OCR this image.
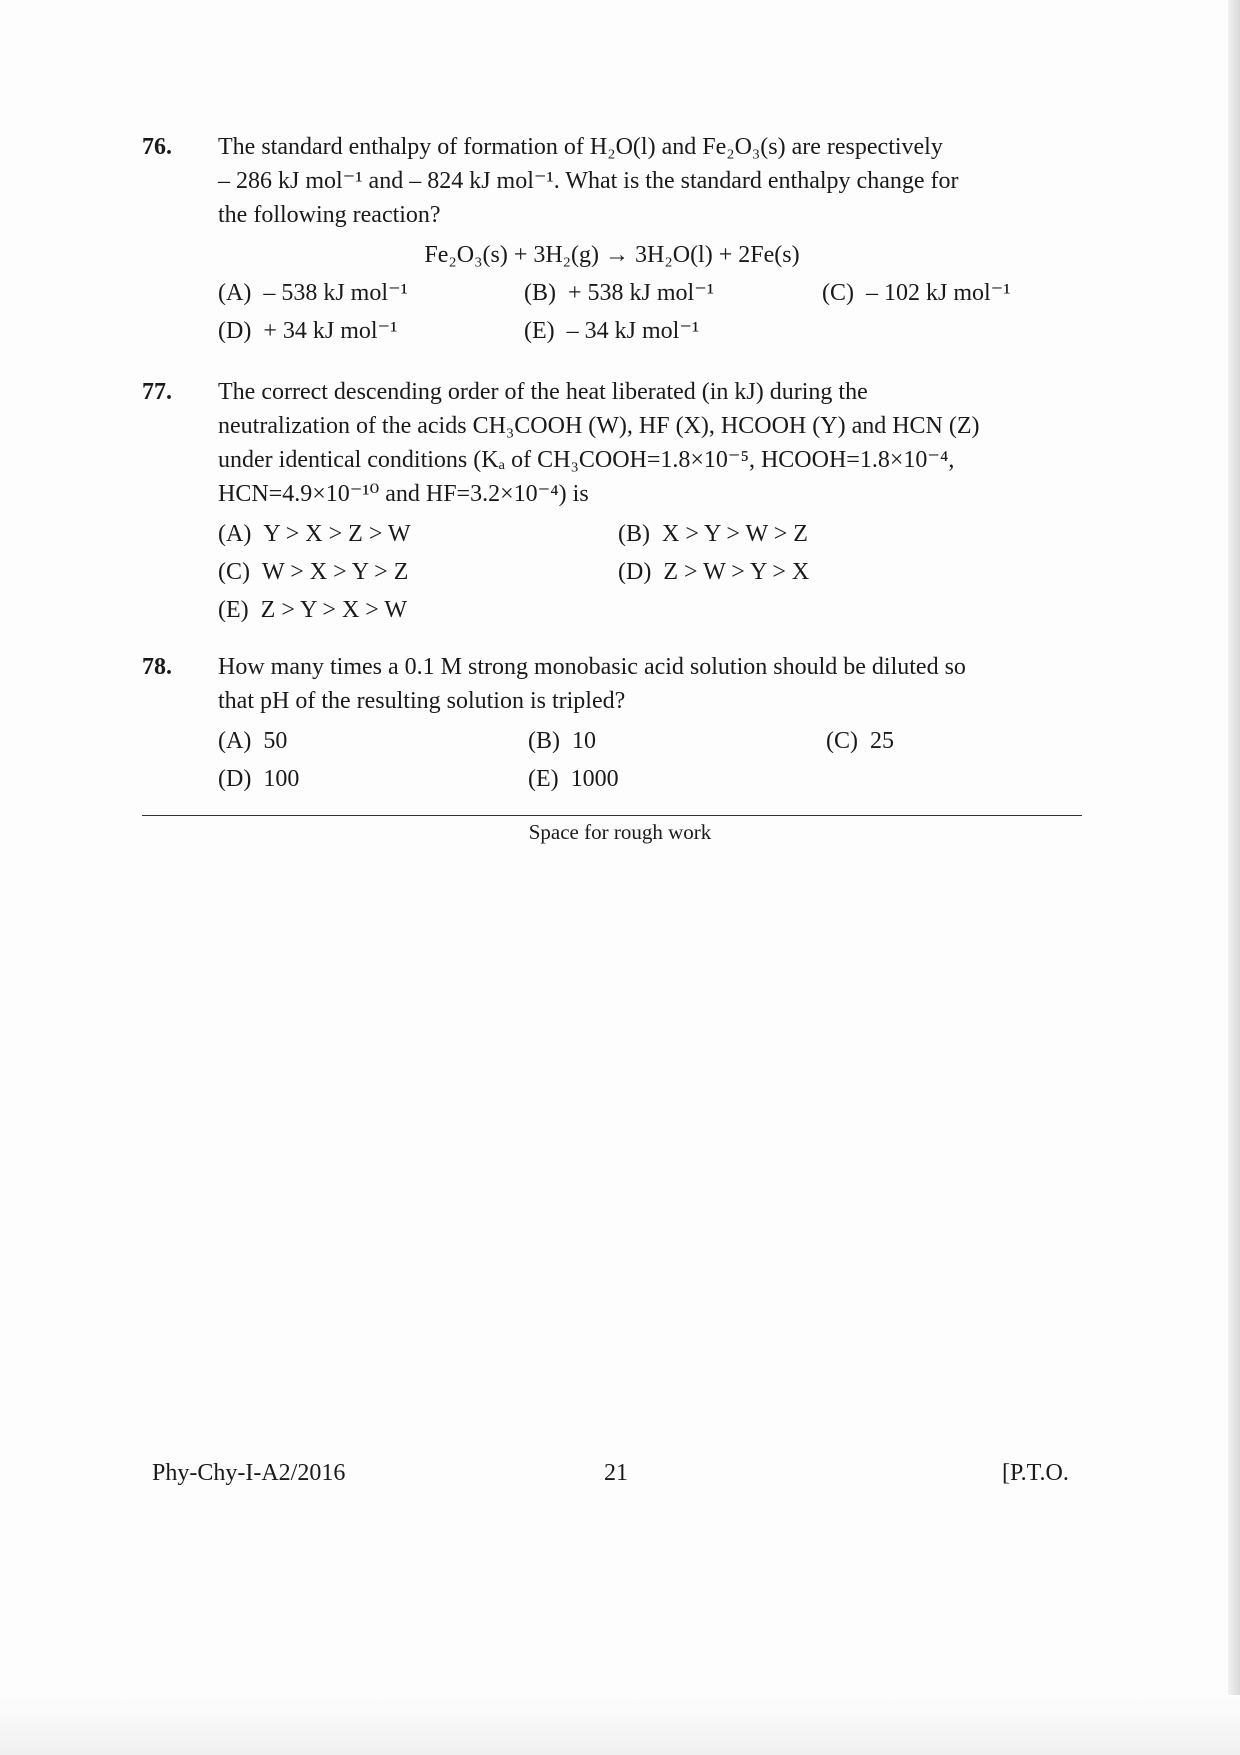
76. The standard enthalpy of formation of H₂O(l) and Fe₂O₃(s) are respectively
– 286 kJ mol⁻¹ and – 824 kJ mol⁻¹. What is the standard enthalpy change for
the following reaction?
Fe₂O₃(s) + 3H₂(g) → 3H₂O(l) + 2Fe(s)
(A) – 538 kJ mol⁻¹	(B) + 538 kJ mol⁻¹	(C) – 102 kJ mol⁻¹
(D) + 34 kJ mol⁻¹	(E) – 34 kJ mol⁻¹
77. The correct descending order of the heat liberated (in kJ) during the
neutralization of the acids CH₃COOH (W), HF (X), HCOOH (Y) and HCN (Z)
under identical conditions (Kₐ of CH₃COOH=1.8×10⁻⁵, HCOOH=1.8×10⁻⁴,
HCN=4.9×10⁻¹⁰ and HF=3.2×10⁻⁴) is
(A) Y > X > Z > W	(B) X > Y > W > Z
(C) W > X > Y > Z	(D) Z > W > Y > X
(E) Z > Y > X > W
78. How many times a 0.1 M strong monobasic acid solution should be diluted so
that pH of the resulting solution is tripled?
(A) 50	(B) 10	(C) 25
(D) 100	(E) 1000
Space for rough work
Phy-Chy-I-A2/2016	21	[P.T.O.
